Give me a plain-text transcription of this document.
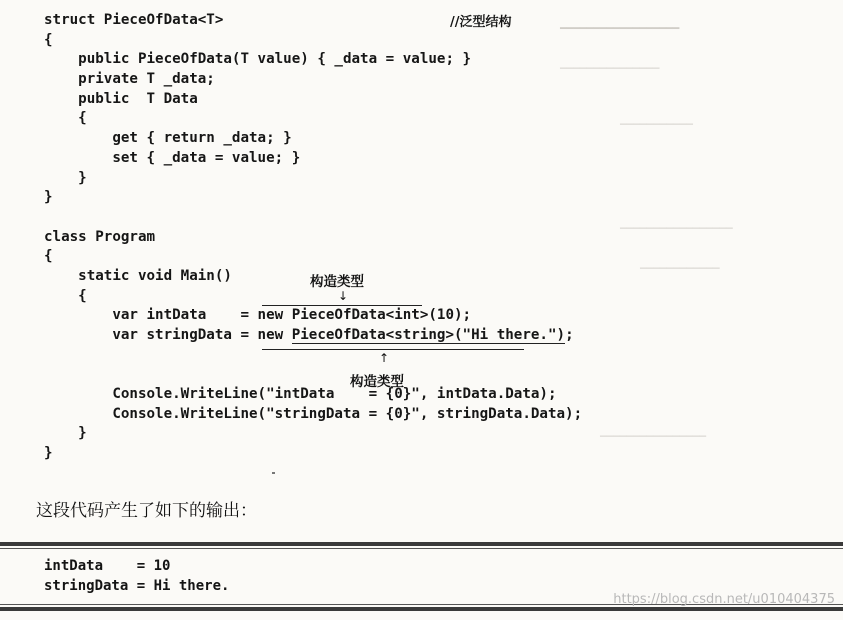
━━━━━━━━━━━━━━━━━━
───────────────
───────────
─────────────────
────────────
────────────────
struct PieceOfData<T>
{
public PieceOfData(T value) { _data = value; }
private T _data;
public  T Data
{
get { return _data; }
set { _data = value; }
}
}
class Program
{
static void Main()
{
var intData    = new PieceOfData<int>(10);
var stringData = new PieceOfData<string>("Hi there.");
Console.WriteLine("intData    = {0}", intData.Data);
Console.WriteLine("stringData = {0}", stringData.Data);
}
}
//泛型结构
构造类型
↓
↑
构造类型
这段代码产生了如下的输出：
intData    = 10
stringData = Hi there.
https://blog.csdn.net/u010404375
